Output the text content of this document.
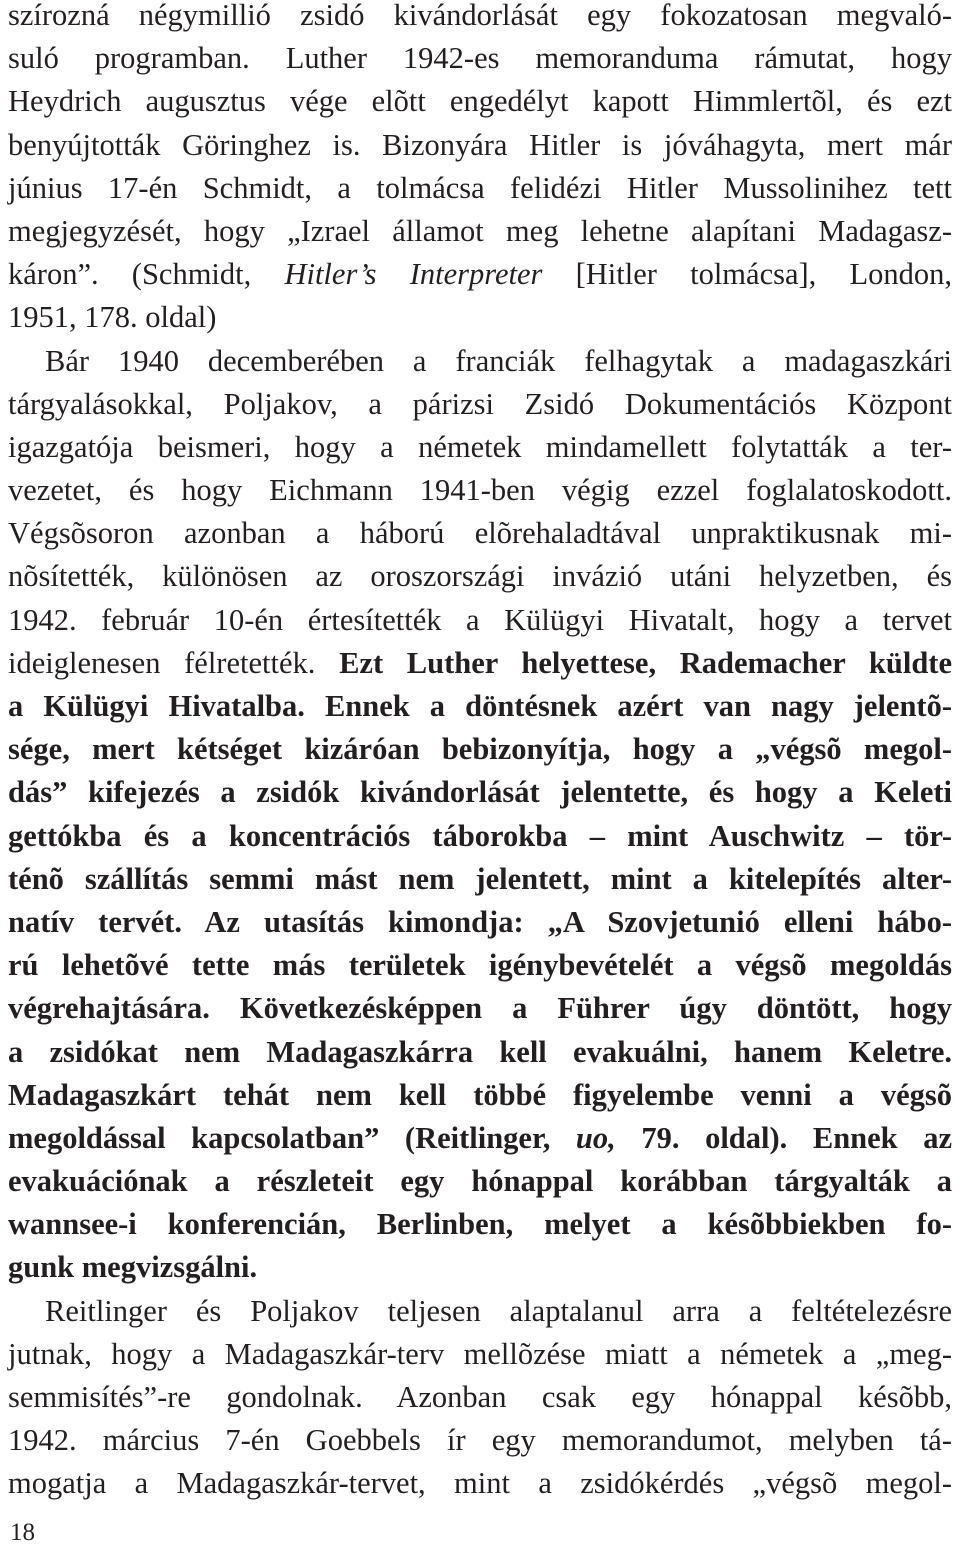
szírozná négymillió zsidó kivándorlását egy fokozatosan megvaló-
suló programban. Luther 1942-es memoranduma rámutat, hogy
Heydrich augusztus vége elõtt engedélyt kapott Himmlertõl, és ezt
benyújtották Göringhez is. Bizonyára Hitler is jóváhagyta, mert már
június 17-én Schmidt, a tolmácsa felidézi Hitler Mussolinihez tett
megjegyzését, hogy „Izrael államot meg lehetne alapítani Madagasz-
káron”. (Schmidt, Hitler’s Interpreter [Hitler tolmácsa], London,
1951, 178. oldal)
Bár 1940 decemberében a franciák felhagytak a madagaszkári
tárgyalásokkal, Poljakov, a párizsi Zsidó Dokumentációs Központ
igazgatója beismeri, hogy a németek mindamellett folytatták a ter-
vezetet, és hogy Eichmann 1941-ben végig ezzel foglalatoskodott.
Végsõsoron azonban a háború elõrehaladtával unpraktikusnak mi-
nõsítették, különösen az oroszországi invázió utáni helyzetben, és
1942. február 10-én értesítették a Külügyi Hivatalt, hogy a tervet
ideiglenesen félretették. Ezt Luther helyettese, Rademacher küldte
a Külügyi Hivatalba. Ennek a döntésnek azért van nagy jelentõ-
sége, mert kétséget kizáróan bebizonyítja, hogy a „végsõ megol-
dás” kifejezés a zsidók kivándorlását jelentette, és hogy a Keleti
gettókba és a koncentrációs táborokba – mint Auschwitz – tör-
ténõ szállítás semmi mást nem jelentett, mint a kitelepítés alter-
natív tervét. Az utasítás kimondja: „A Szovjetunió elleni hábo-
rú lehetõvé tette más területek igénybevételét a végsõ megoldás
végrehajtására. Következésképpen a Führer úgy döntött, hogy
a zsidókat nem Madagaszkárra kell evakuálni, hanem Keletre.
Madagaszkárt tehát nem kell többé figyelembe venni a végsõ
megoldással kapcsolatban” (Reitlinger, uo, 79. oldal). Ennek az
evakuációnak a részleteit egy hónappal korábban tárgyalták a
wannsee-i konferencián, Berlinben, melyet a késõbbiekben fo-
gunk megvizsgálni.
Reitlinger és Poljakov teljesen alaptalanul arra a feltételezésre
jutnak, hogy a Madagaszkár-terv mellõzése miatt a németek a „meg-
semmisítés”-re gondolnak. Azonban csak egy hónappal késõbb,
1942. március 7-én Goebbels ír egy memorandumot, melyben tá-
mogatja a Madagaszkár-tervet, mint a zsidókérdés „végsõ megol-
18
